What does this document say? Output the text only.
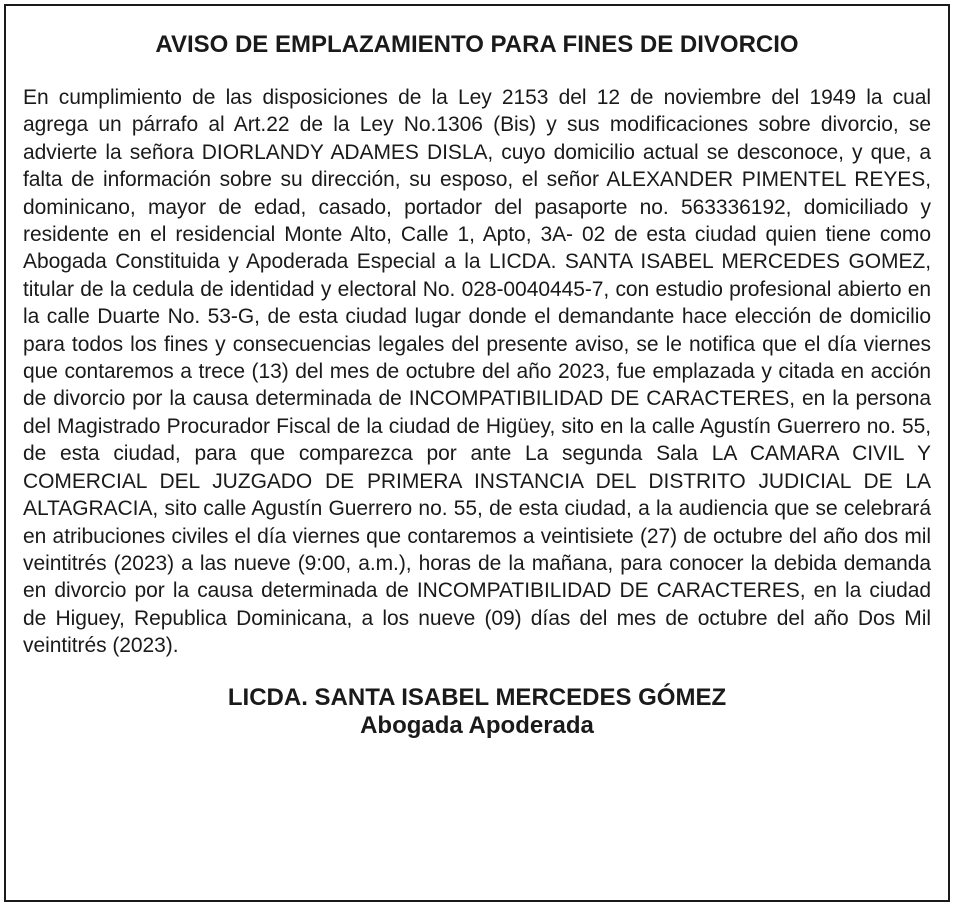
AVISO DE EMPLAZAMIENTO PARA FINES DE DIVORCIO

En cumplimiento de las disposiciones de la Ley 2153 del 12 de noviembre del 1949 la cual agrega un párrafo al Art.22 de la Ley No.1306 (Bis) y sus modificaciones sobre divorcio, se advierte la señora DIORLANDY ADAMES DISLA, cuyo domicilio actual se desconoce, y que, a falta de información sobre su dirección, su esposo, el señor ALEXANDER PIMENTEL REYES, dominicano, mayor de edad, casado, portador del pasaporte no. 563336192, domiciliado y residente en el residencial Monte Alto, Calle 1, Apto, 3A- 02 de esta ciudad quien tiene como Abogada Constituida y Apoderada Especial a la LICDA. SANTA ISABEL MERCEDES GOMEZ, titular de la cedula de identidad y electoral No. 028-0040445-7, con estudio profesional abierto en la calle Duarte No. 53-G, de esta ciudad lugar donde el demandante hace elección de domicilio para todos los fines y consecuencias legales del presente aviso, se le notifica que el día viernes que contaremos a trece (13) del mes de octubre del año 2023, fue emplazada y citada en acción de divorcio por la causa determinada de INCOMPATIBILIDAD DE CARACTERES, en la persona del Magistrado Procurador Fiscal de la ciudad de Higüey, sito en la calle Agustín Guerrero no. 55, de esta ciudad, para que comparezca por ante La segunda Sala LA CAMARA CIVIL Y COMERCIAL DEL JUZGADO DE PRIMERA INSTANCIA DEL DISTRITO JUDICIAL DE LA ALTAGRACIA, sito calle Agustín Guerrero no. 55, de esta ciudad, a la audiencia que se celebrará en atribuciones civiles el día viernes que contaremos a veintisiete (27) de octubre del año dos mil veintitrés (2023) a las nueve (9:00, a.m.), horas de la mañana, para conocer la debida demanda en divorcio por la causa determinada de INCOMPATIBILIDAD DE CARACTERES, en la ciudad de Higuey, Republica Dominicana, a los nueve (09) días del mes de octubre del año Dos Mil veintitrés (2023).

LICDA. SANTA ISABEL MERCEDES GÓMEZ
Abogada Apoderada
